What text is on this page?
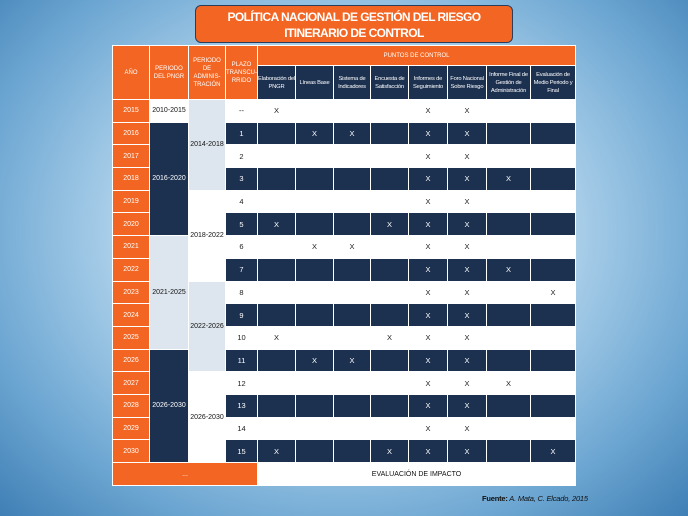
POLÍTICA NACIONAL DE GESTIÓN DEL RIESGO
ITINERARIO DE CONTROL
AÑO	PERIODO DEL PNGR	PERIODO DE ADMINIS-TRACIÓN	PLAZO TRANSCU-RRIDO	PUNTOS DE CONTROL							
				Elaboración del PNGR	Líneas Base	Sistema de Indicadores	Encuesta de Satisfacción	Informes de Seguimiento	Foro Nacional Sobre Riesgo	Informe Final de Gestión de Administración	Evaluación de Medio Periodo y Final
2015	2010-2015	2014-2018	--	X				X	X		
2016	2016-2020		1		X	X		X	X		
2017			2					X	X		
2018			3					X	X	X	
2019		2018-2022	4					X	X		
2020			5	X			X	X	X		
2021	2021-2025		6		X	X		X	X		
2022			7					X	X	X	
2023		2022-2026	8					X	X		X
2024			9					X	X		
2025			10	X			X	X	X		
2026	2026-2030		11		X	X		X	X		
2027		2026-2030	12					X	X	X	
2028			13					X	X		
2029			14					X	X		
2030			15	X			X	X	X		X
...				EVALUACIÓN DE IMPACTO							
Fuente: A. Mata, C. Elcado, 2015
